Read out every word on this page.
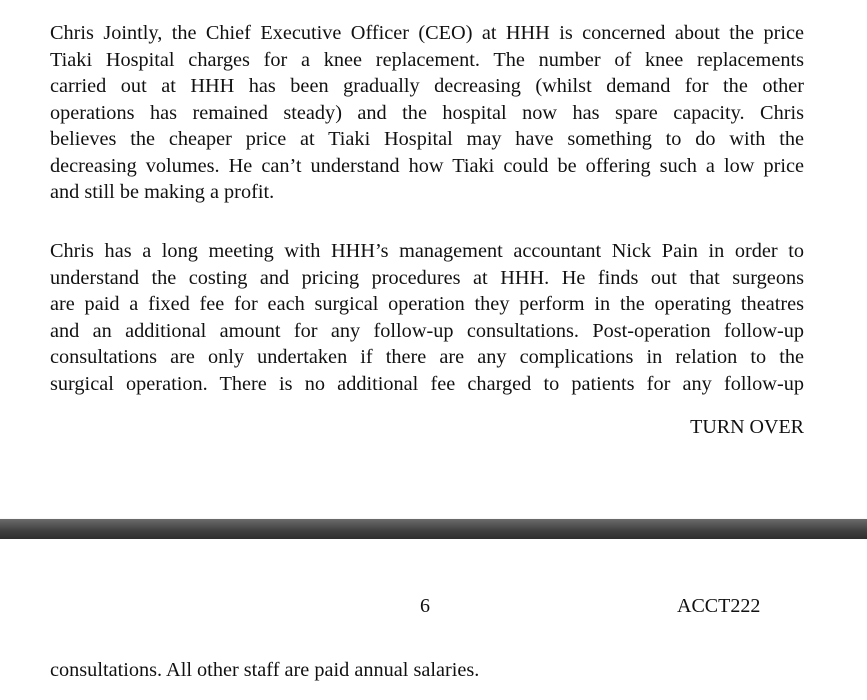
Chris Jointly, the Chief Executive Officer (CEO) at HHH is concerned about the price
Tiaki Hospital charges for a knee replacement. The number of knee replacements
carried out at HHH has been gradually decreasing (whilst demand for the other
operations has remained steady) and the hospital now has spare capacity. Chris
believes the cheaper price at Tiaki Hospital may have something to do with the
decreasing volumes. He can’t understand how Tiaki could be offering such a low price
and still be making a profit.

Chris has a long meeting with HHH’s management accountant Nick Pain in order to
understand the costing and pricing procedures at HHH. He finds out that surgeons
are paid a fixed fee for each surgical operation they perform in the operating theatres
and an additional amount for any follow-up consultations. Post-operation follow-up
consultations are only undertaken if there are any complications in relation to the
surgical operation. There is no additional fee charged to patients for any follow-up

TURN OVER
6	ACCT222
consultations. All other staff are paid annual salaries.
